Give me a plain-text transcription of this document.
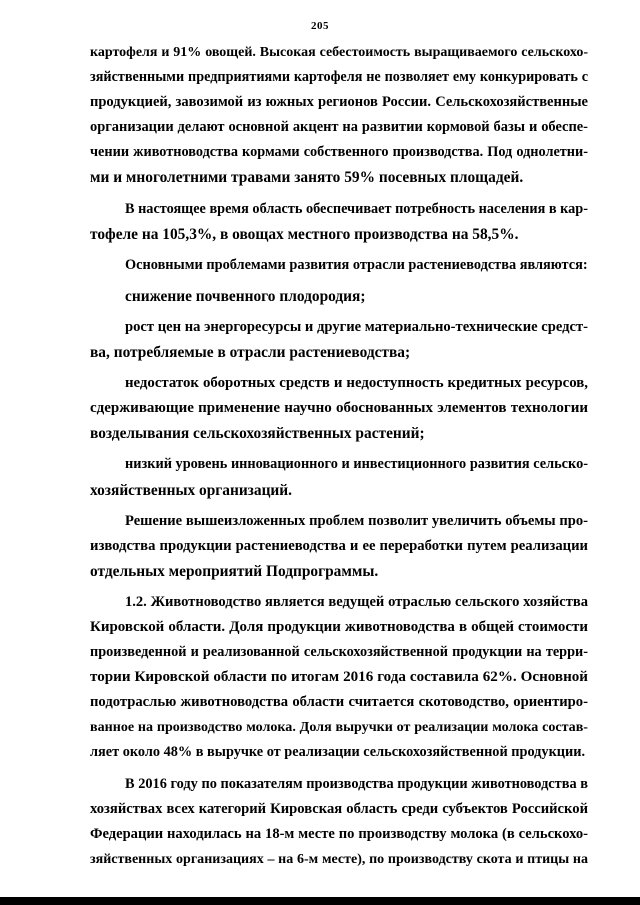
205

картофеля и 91% овощей. Высокая себестоимость выращиваемого сельскохо-
зяйственными предприятиями картофеля не позволяет ему конкурировать с
продукцией, завозимой из южных регионов России. Сельскохозяйственные
организации делают основной акцент на развитии кормовой базы и обеспе-
чении животноводства кормами собственного производства. Под однолетни-
ми и многолетними травами занято 59% посевных площадей.

В настоящее время область обеспечивает потребность населения в кар-
тофеле на 105,3%, в овощах местного производства на 58,5%.

Основными проблемами развития отрасли растениеводства являются:

снижение почвенного плодородия;

рост цен на энергоресурсы и другие материально-технические средст-
ва, потребляемые в отрасли растениеводства;

недостаток оборотных средств и недоступность кредитных ресурсов,
сдерживающие применение научно обоснованных элементов технологии
возделывания сельскохозяйственных растений;

низкий уровень инновационного и инвестиционного развития сельско-
хозяйственных организаций.

Решение вышеизложенных проблем позволит увеличить объемы про-
изводства продукции растениеводства и ее переработки путем реализации
отдельных мероприятий Подпрограммы.

1.2. Животноводство является ведущей отраслью сельского хозяйства
Кировской области. Доля продукции животноводства в общей стоимости
произведенной и реализованной сельскохозяйственной продукции на терри-
тории Кировской области по итогам 2016 года составила 62%. Основной
подотраслью животноводства области считается скотоводство, ориентиро-
ванное на производство молока. Доля выручки от реализации молока состав-
ляет около 48% в выручке от реализации сельскохозяйственной продукции.

В 2016 году по показателям производства продукции животноводства в
хозяйствах всех категорий Кировская область среди субъектов Российской
Федерации находилась на 18-м месте по производству молока (в сельскохо-
зяйственных организациях – на 6-м месте), по производству скота и птицы на
